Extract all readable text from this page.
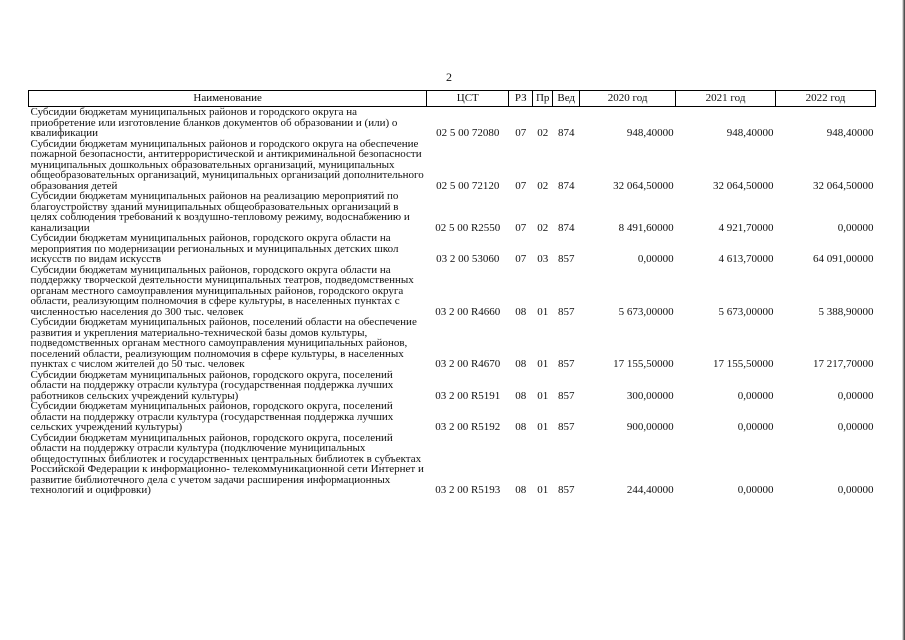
2
Наименование	ЦСТ	РЗ	Пр	Вед	2020 год	2021 год	2022 год
Субсидии бюджетам муниципальных районов и городского округа на приобретение или изготовление бланков документов об образовании и (или) о квалификации	02 5 00 72080	07	02	874	948,40000	948,40000	948,40000
Субсидии бюджетам муниципальных районов и городского округа на обеспечение пожарной безопасности, антитеррористической и антикриминальной безопасности муниципальных дошкольных образовательных организаций, муниципальных общеобразовательных организаций, муниципальных организаций дополнительного образования детей	02 5 00 72120	07	02	874	32 064,50000	32 064,50000	32 064,50000
Субсидии бюджетам муниципальных районов на реализацию мероприятий по благоустройству зданий муниципальных общеобразовательных организаций в целях соблюдения требований к воздушно-тепловому режиму, водоснабжению и канализации	02 5 00 R2550	07	02	874	8 491,60000	4 921,70000	0,00000
Субсидии бюджетам муниципальных районов, городского округа области на мероприятия по модернизации региональных и муниципальных детских школ искусств по видам искусств	03 2 00 53060	07	03	857	0,00000	4 613,70000	64 091,00000
Субсидии бюджетам муниципальных районов, городского округа области на поддержку творческой деятельности муниципальных театров, подведомственных органам местного самоуправления муниципальных районов, городского округа области, реализующим полномочия в сфере культуры, в населенных пунктах с численностью населения до 300 тыс. человек	03 2 00 R4660	08	01	857	5 673,00000	5 673,00000	5 388,90000
Субсидии бюджетам муниципальных районов, поселений области на обеспечение развития и укрепления материально-технической базы домов культуры, подведомственных органам местного самоуправления муниципальных районов, поселений области, реализующим полномочия в сфере культуры, в населенных пунктах с числом жителей до 50 тыс. человек	03 2 00 R4670	08	01	857	17 155,50000	17 155,50000	17 217,70000
Субсидии бюджетам муниципальных районов, городского округа, поселений области на поддержку отрасли культура (государственная поддержка лучших работников сельских учреждений культуры)	03 2 00 R5191	08	01	857	300,00000	0,00000	0,00000
Субсидии бюджетам муниципальных районов, городского округа, поселений области на поддержку отрасли культура (государственная поддержка лучших сельских учреждений культуры)	03 2 00 R5192	08	01	857	900,00000	0,00000	0,00000
Субсидии бюджетам муниципальных районов, городского округа, поселений области на поддержку отрасли культура (подключение муниципальных общедоступных библиотек и государственных центральных библиотек в субъектах Российской Федерации к информационно- телекоммуникационной сети Интернет и развитие библиотечного дела с учетом задачи расширения информационных технологий и оцифровки)	03 2 00 R5193	08	01	857	244,40000	0,00000	0,00000
